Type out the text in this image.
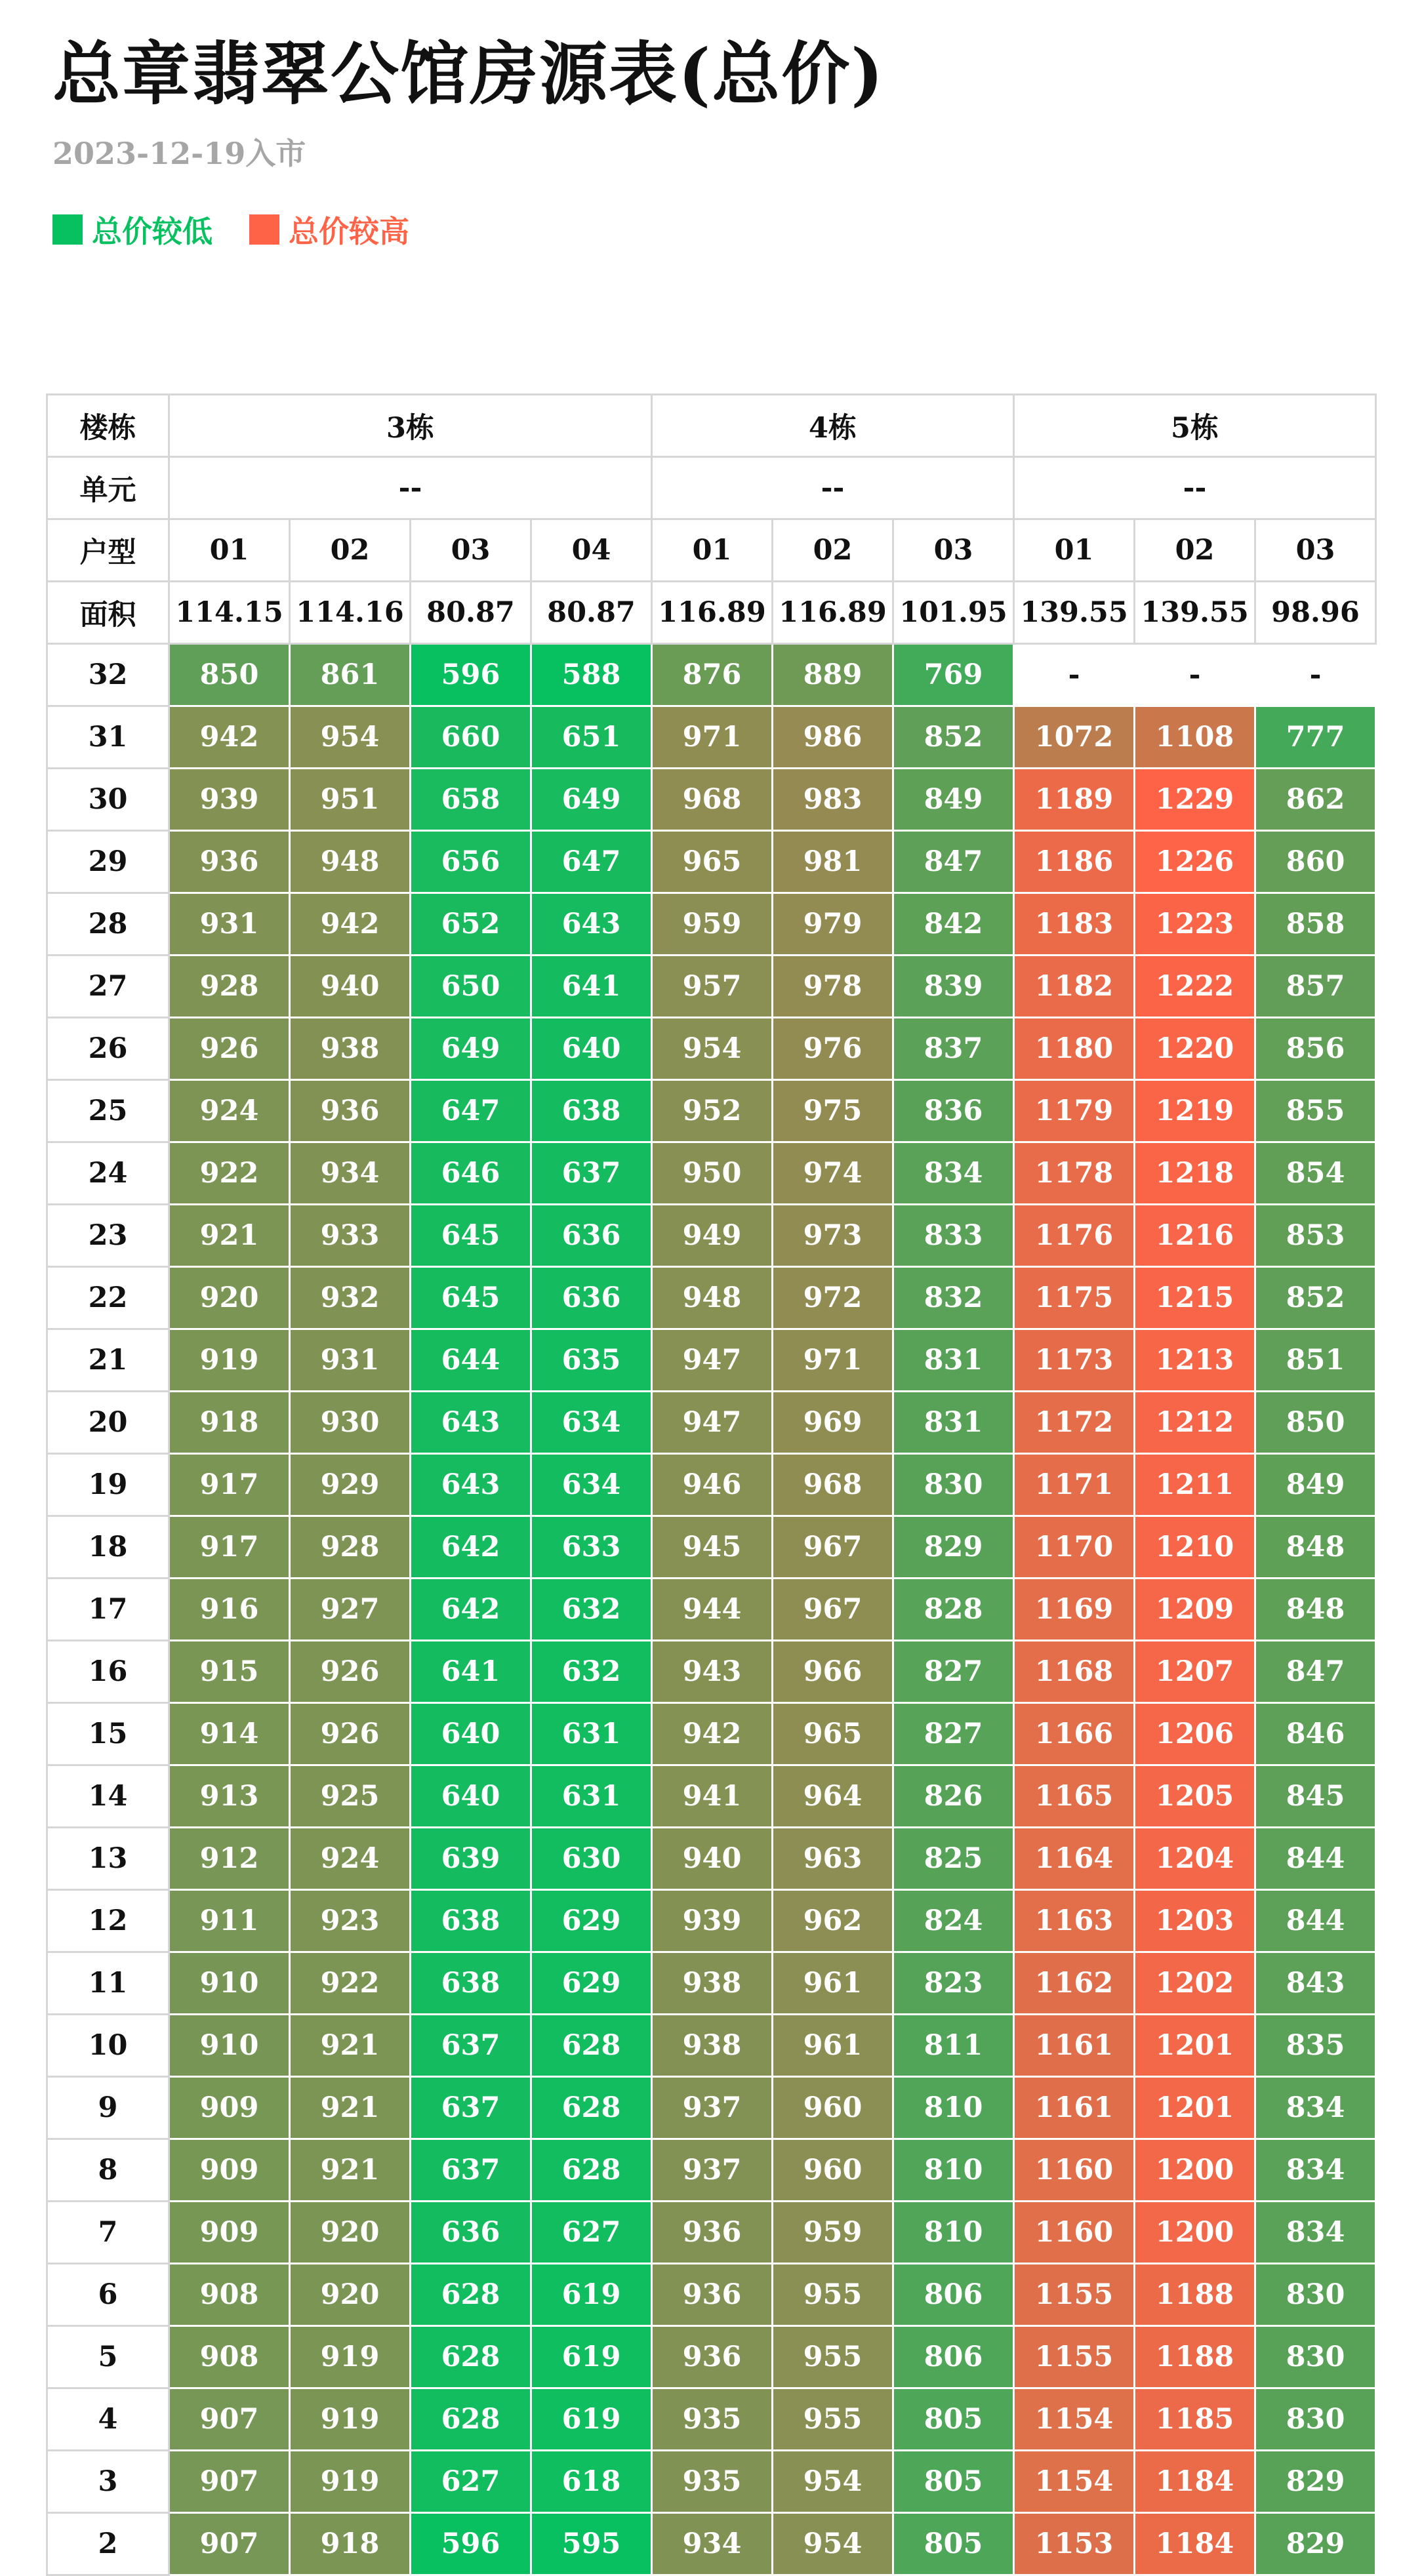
总章翡翠公馆房源表(总价)
2023-12-19入市
总价较低	总价较高
楼栋	3栋				4栋			5栋		
单元	--				--			--		
户型	01	02	03	04	01	02	03	01	02	03
面积	114.15	114.16	80.87	80.87	116.89	116.89	101.95	139.55	139.55	98.96
32	850	861	596	588	876	889	769	-	-	-
31	942	954	660	651	971	986	852	1072	1108	777
30	939	951	658	649	968	983	849	1189	1229	862
29	936	948	656	647	965	981	847	1186	1226	860
28	931	942	652	643	959	979	842	1183	1223	858
27	928	940	650	641	957	978	839	1182	1222	857
26	926	938	649	640	954	976	837	1180	1220	856
25	924	936	647	638	952	975	836	1179	1219	855
24	922	934	646	637	950	974	834	1178	1218	854
23	921	933	645	636	949	973	833	1176	1216	853
22	920	932	645	636	948	972	832	1175	1215	852
21	919	931	644	635	947	971	831	1173	1213	851
20	918	930	643	634	947	969	831	1172	1212	850
19	917	929	643	634	946	968	830	1171	1211	849
18	917	928	642	633	945	967	829	1170	1210	848
17	916	927	642	632	944	967	828	1169	1209	848
16	915	926	641	632	943	966	827	1168	1207	847
15	914	926	640	631	942	965	827	1166	1206	846
14	913	925	640	631	941	964	826	1165	1205	845
13	912	924	639	630	940	963	825	1164	1204	844
12	911	923	638	629	939	962	824	1163	1203	844
11	910	922	638	629	938	961	823	1162	1202	843
10	910	921	637	628	938	961	811	1161	1201	835
9	909	921	637	628	937	960	810	1161	1201	834
8	909	921	637	628	937	960	810	1160	1200	834
7	909	920	636	627	936	959	810	1160	1200	834
6	908	920	628	619	936	955	806	1155	1188	830
5	908	919	628	619	936	955	806	1155	1188	830
4	907	919	628	619	935	955	805	1154	1185	830
3	907	919	627	618	935	954	805	1154	1184	829
2	907	918	596	595	934	954	805	1153	1184	829
